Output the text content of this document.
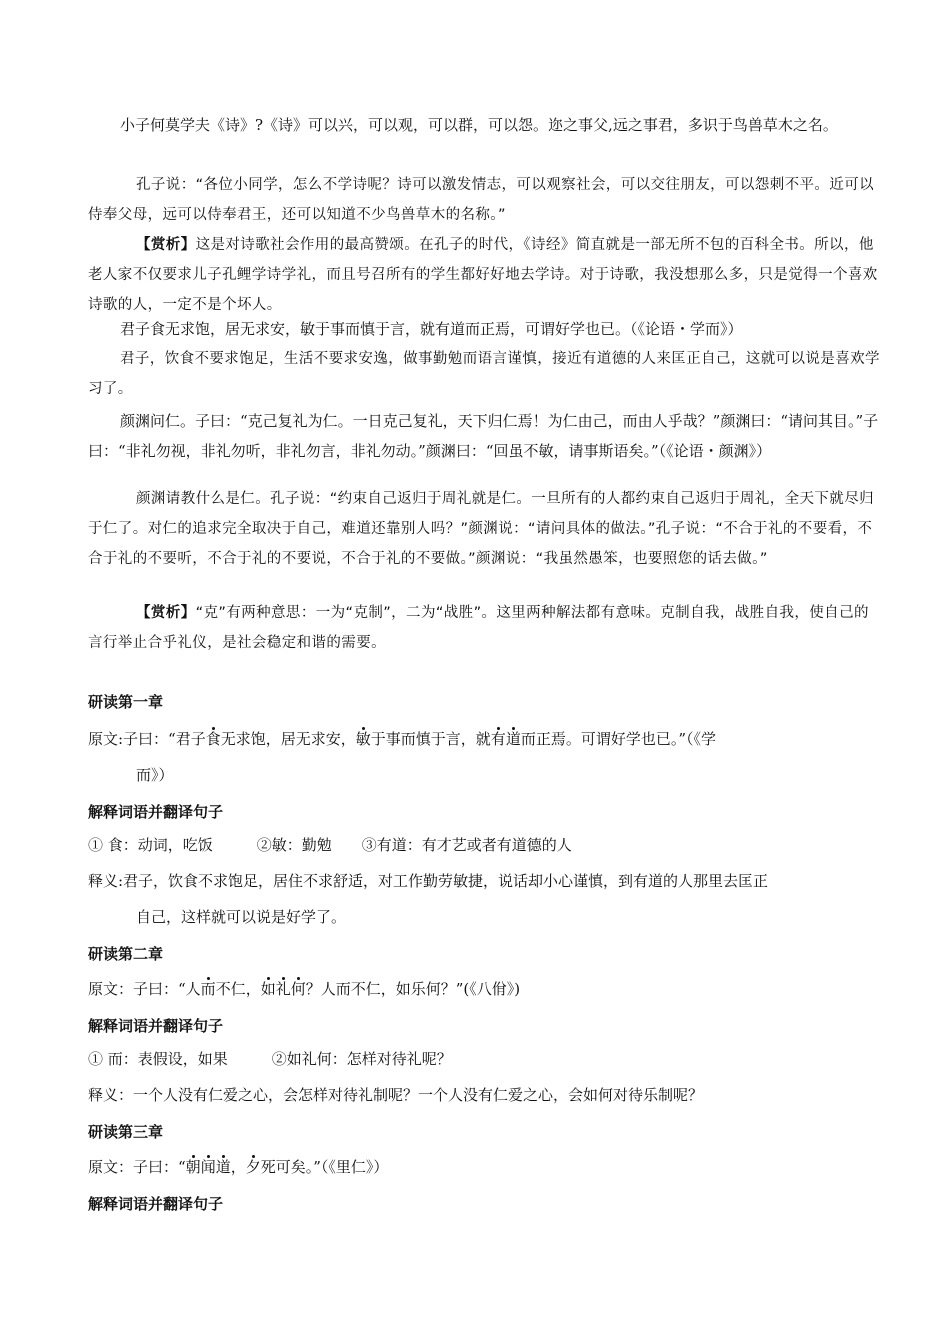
小子何莫学夫《诗》?《诗》可以兴，可以观，可以群，可以怨。迩之事父,远之事君，多识于鸟兽草木之名。

孔子说：“各位小同学，怎么不学诗呢？诗可以激发情志，可以观察社会，可以交往朋友，可以怨刺不平。近可以侍奉父母，远可以侍奉君王，还可以知道不少鸟兽草木的名称。”

【赏析】这是对诗歌社会作用的最高赞颂。在孔子的时代，《诗经》简直就是一部无所不包的百科全书。所以，他老人家不仅要求儿子孔鲤学诗学礼，而且号召所有的学生都好好地去学诗。对于诗歌，我没想那么多，只是觉得一个喜欢诗歌的人，一定不是个坏人。

君子食无求饱，居无求安，敏于事而慎于言，就有道而正焉，可谓好学也已。（《论语・学而》）

君子，饮食不要求饱足，生活不要求安逸，做事勤勉而语言谨慎，接近有道德的人来匡正自己，这就可以说是喜欢学习了。

颜渊问仁。子曰：“克己复礼为仁。一日克己复礼，天下归仁焉！为仁由己，而由人乎哉？”颜渊曰：“请问其目。”子曰：“非礼勿视，非礼勿听，非礼勿言，非礼勿动。”颜渊曰：“回虽不敏，请事斯语矣。”（《论语・颜渊》）

颜渊请教什么是仁。孔子说：“约束自己返归于周礼就是仁。一旦所有的人都约束自己返归于周礼，全天下就尽归于仁了。对仁的追求完全取决于自己，难道还靠别人吗？”颜渊说：“请问具体的做法。”孔子说：“不合于礼的不要看，不合于礼的不要听，不合于礼的不要说，不合于礼的不要做。”颜渊说：“我虽然愚笨，也要照您的话去做。”

【赏析】“克”有两种意思：一为“克制”，二为“战胜”。这里两种解法都有意味。克制自我，战胜自我，使自己的言行举止合乎礼仪，是社会稳定和谐的需要。

研读第一章
原文:子曰：“君子食无求饱，居无求安，敏于事而慎于言，就有道而正焉。可谓好学也已。”（《学
而》）
解释词语并翻译句子
① 食：动词，吃饭	②敏：勤勉 ③有道：有才艺或者有道德的人
释义:君子，饮食不求饱足，居住不求舒适，对工作勤劳敏捷，说话却小心谨慎，到有道的人那里去匡正
自己，这样就可以说是好学了。
研读第二章
原文：子曰：“人而不仁，如礼何？人而不仁，如乐何？”(《八佾》)
解释词语并翻译句子
① 而：表假设，如果	②如礼何：怎样对待礼呢？
释义：一个人没有仁爱之心，会怎样对待礼制呢？一个人没有仁爱之心，会如何对待乐制呢？
研读第三章
原文：子曰：“朝闻道，夕死可矣。”（《里仁》）
解释词语并翻译句子
